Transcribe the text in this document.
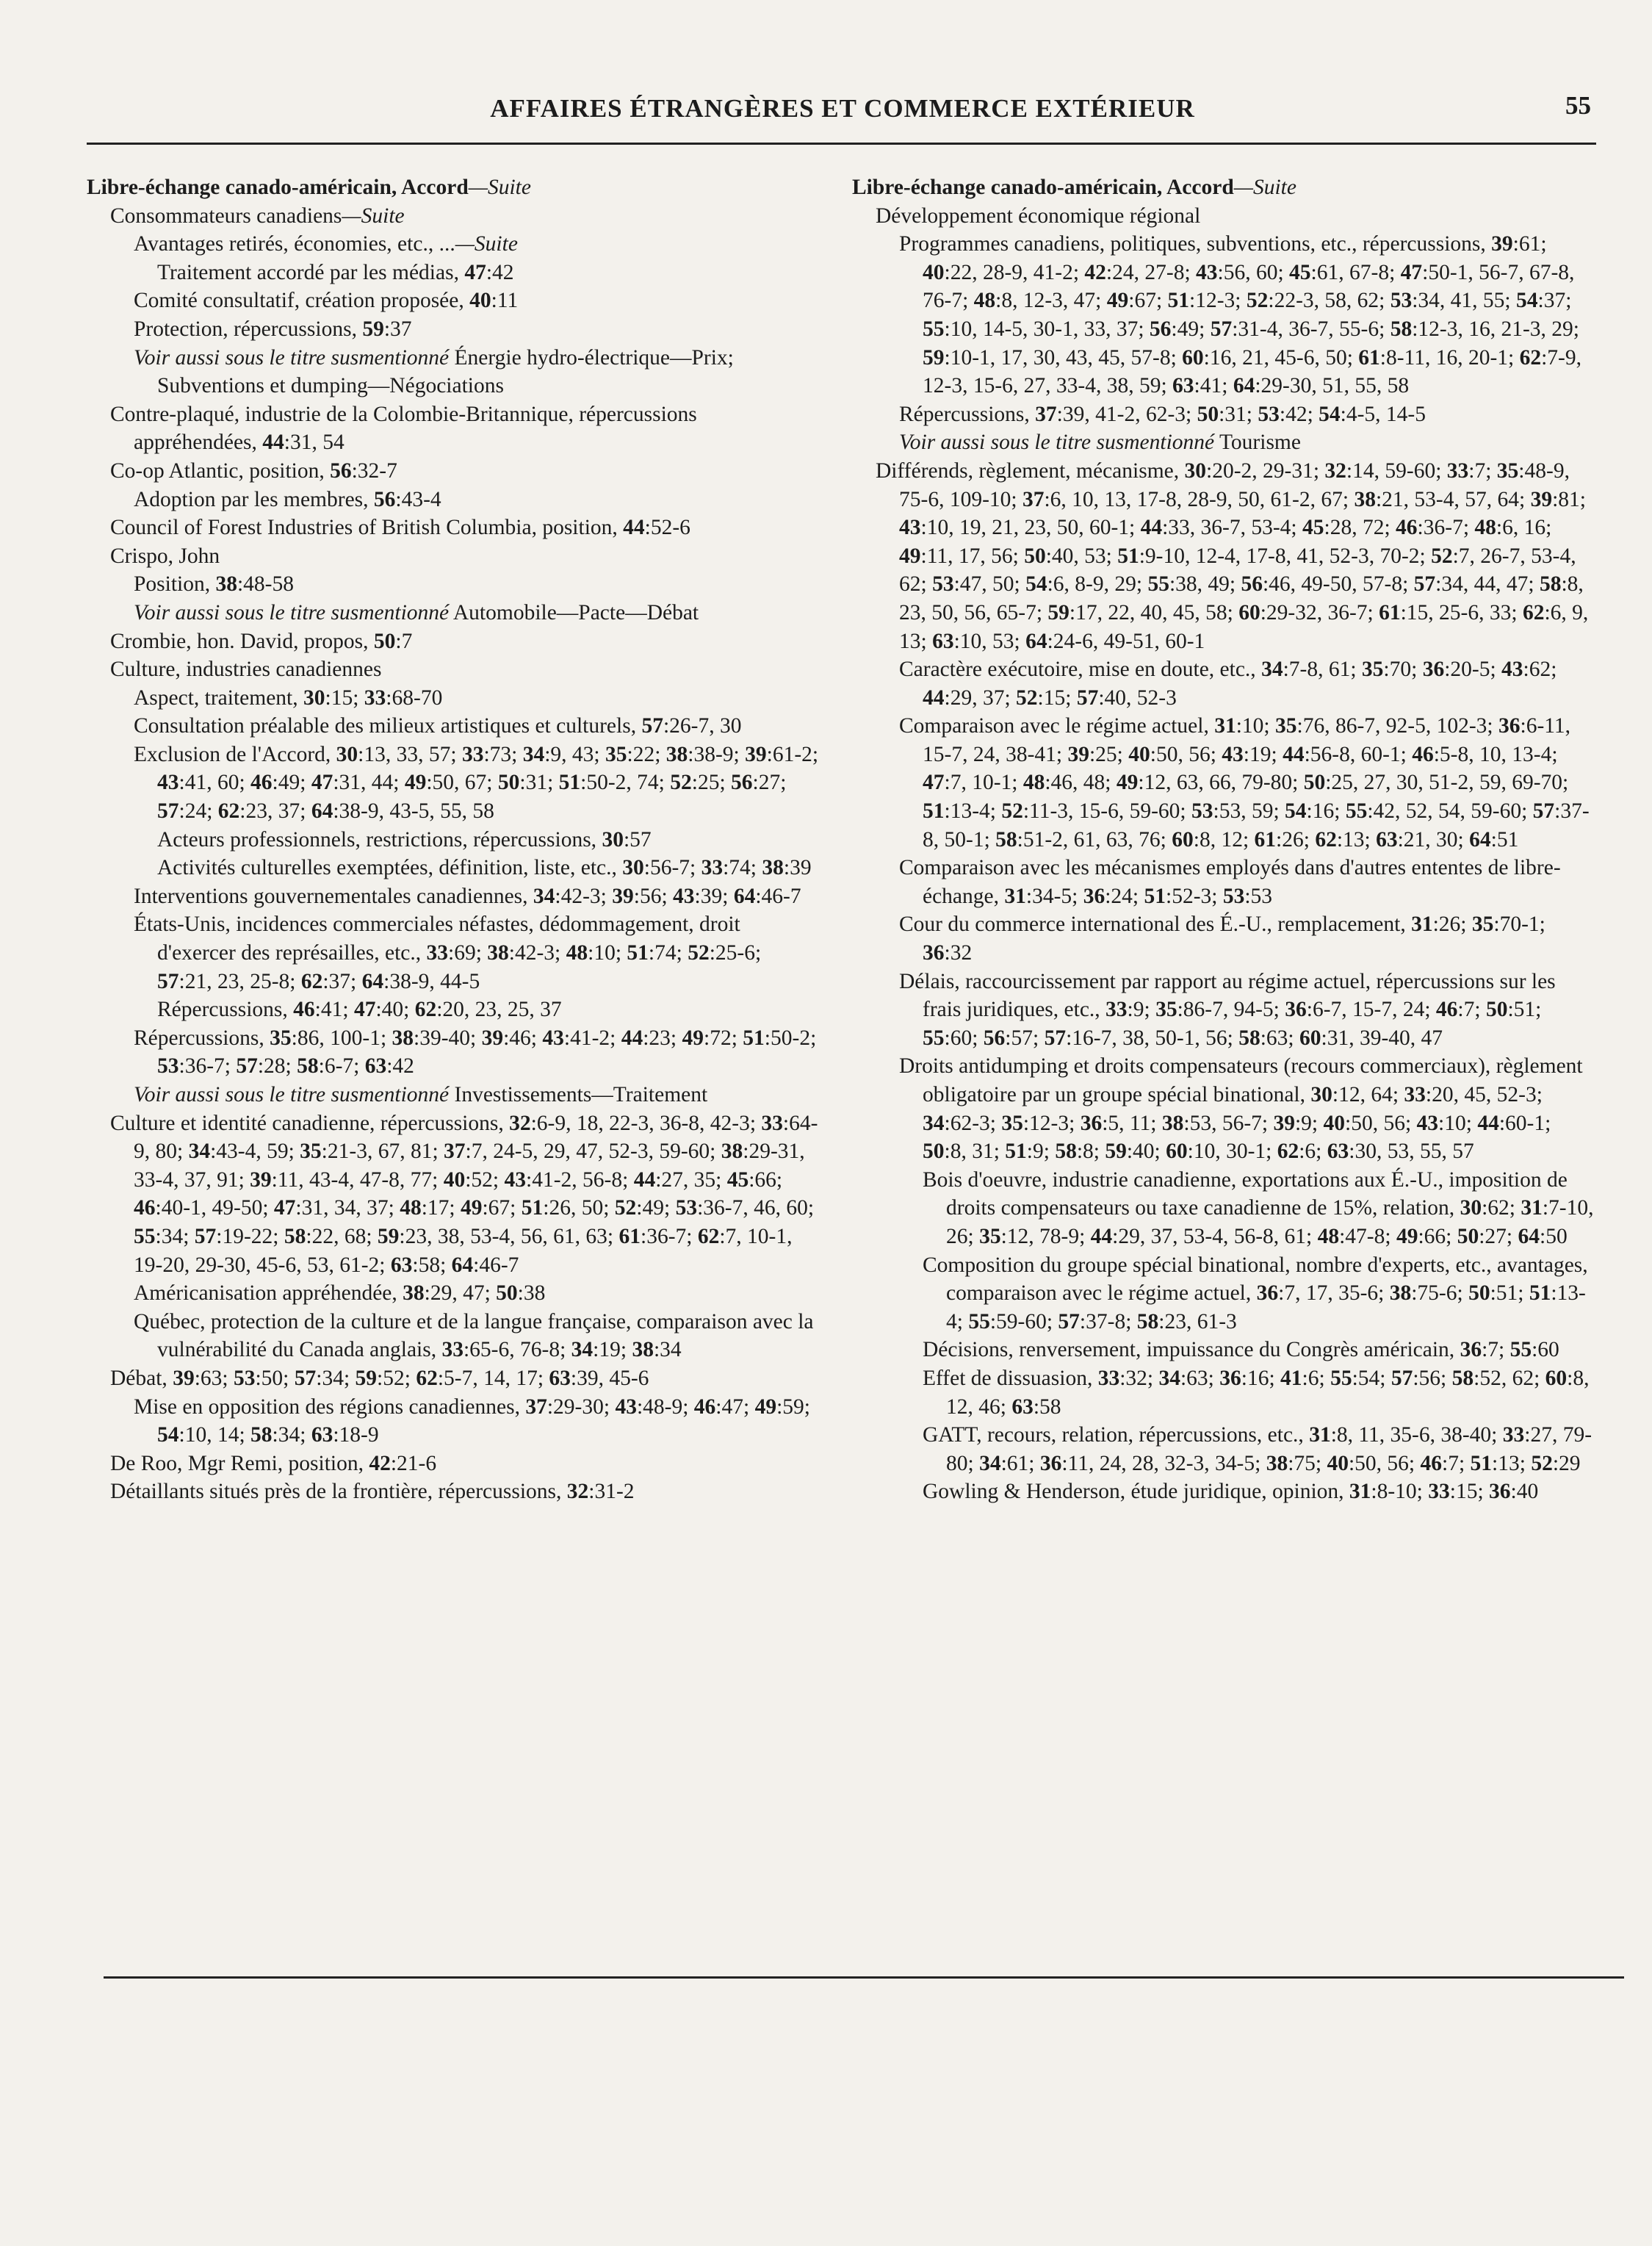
AFFAIRES ÉTRANGÈRES ET COMMERCE EXTÉRIEUR	55
Libre-échange canado-américain, Accord—Suite
Consommateurs canadiens—Suite
Avantages retirés, économies, etc., ...—Suite
Traitement accordé par les médias, 47:42
Comité consultatif, création proposée, 40:11
Protection, répercussions, 59:37
Voir aussi sous le titre susmentionné Énergie hydro-électrique—Prix; Subventions et dumping—Négociations
Contre-plaqué, industrie de la Colombie-Britannique, répercussions appréhendées, 44:31, 54
Co-op Atlantic, position, 56:32-7
Adoption par les membres, 56:43-4
Council of Forest Industries of British Columbia, position, 44:52-6
Crispo, John
Position, 38:48-58
Voir aussi sous le titre susmentionné Automobile—Pacte—Débat
Crombie, hon. David, propos, 50:7
Culture, industries canadiennes
Aspect, traitement, 30:15; 33:68-70
Consultation préalable des milieux artistiques et culturels, 57:26-7, 30
Exclusion de l'Accord, 30:13, 33, 57; 33:73; 34:9, 43; 35:22; 38:38-9; 39:61-2; 43:41, 60; 46:49; 47:31, 44; 49:50, 67; 50:31; 51:50-2, 74; 52:25; 56:27; 57:24; 62:23, 37; 64:38-9, 43-5, 55, 58
Acteurs professionnels, restrictions, répercussions, 30:57
Activités culturelles exemptées, définition, liste, etc., 30:56-7; 33:74; 38:39
Interventions gouvernementales canadiennes, 34:42-3; 39:56; 43:39; 64:46-7
États-Unis, incidences commerciales néfastes, dédommagement, droit d'exercer des représailles, etc., 33:69; 38:42-3; 48:10; 51:74; 52:25-6; 57:21, 23, 25-8; 62:37; 64:38-9, 44-5
Répercussions, 46:41; 47:40; 62:20, 23, 25, 37
Répercussions, 35:86, 100-1; 38:39-40; 39:46; 43:41-2; 44:23; 49:72; 51:50-2; 53:36-7; 57:28; 58:6-7; 63:42
Voir aussi sous le titre susmentionné Investissements—Traitement
Culture et identité canadienne, répercussions, 32:6-9, 18, 22-3, 36-8, 42-3; 33:64-9, 80; 34:43-4, 59; 35:21-3, 67, 81; 37:7, 24-5, 29, 47, 52-3, 59-60; 38:29-31, 33-4, 37, 91; 39:11, 43-4, 47-8, 77; 40:52; 43:41-2, 56-8; 44:27, 35; 45:66; 46:40-1, 49-50; 47:31, 34, 37; 48:17; 49:67; 51:26, 50; 52:49; 53:36-7, 46, 60; 55:34; 57:19-22; 58:22, 68; 59:23, 38, 53-4, 56, 61, 63; 61:36-7; 62:7, 10-1, 19-20, 29-30, 45-6, 53, 61-2; 63:58; 64:46-7
Américanisation appréhendée, 38:29, 47; 50:38
Québec, protection de la culture et de la langue française, comparaison avec la vulnérabilité du Canada anglais, 33:65-6, 76-8; 34:19; 38:34
Débat, 39:63; 53:50; 57:34; 59:52; 62:5-7, 14, 17; 63:39, 45-6
Mise en opposition des régions canadiennes, 37:29-30; 43:48-9; 46:47; 49:59; 54:10, 14; 58:34; 63:18-9
De Roo, Mgr Remi, position, 42:21-6
Détaillants situés près de la frontière, répercussions, 32:31-2
Libre-échange canado-américain, Accord—Suite
Développement économique régional
Programmes canadiens, politiques, subventions, etc., répercussions, 39:61; 40:22, 28-9, 41-2; 42:24, 27-8; 43:56, 60; 45:61, 67-8; 47:50-1, 56-7, 67-8, 76-7; 48:8, 12-3, 47; 49:67; 51:12-3; 52:22-3, 58, 62; 53:34, 41, 55; 54:37; 55:10, 14-5, 30-1, 33, 37; 56:49; 57:31-4, 36-7, 55-6; 58:12-3, 16, 21-3, 29; 59:10-1, 17, 30, 43, 45, 57-8; 60:16, 21, 45-6, 50; 61:8-11, 16, 20-1; 62:7-9, 12-3, 15-6, 27, 33-4, 38, 59; 63:41; 64:29-30, 51, 55, 58
Répercussions, 37:39, 41-2, 62-3; 50:31; 53:42; 54:4-5, 14-5
Voir aussi sous le titre susmentionné Tourisme
Différends, règlement, mécanisme, 30:20-2, 29-31; 32:14, 59-60; 33:7; 35:48-9, 75-6, 109-10; 37:6, 10, 13, 17-8, 28-9, 50, 61-2, 67; 38:21, 53-4, 57, 64; 39:81; 43:10, 19, 21, 23, 50, 60-1; 44:33, 36-7, 53-4; 45:28, 72; 46:36-7; 48:6, 16; 49:11, 17, 56; 50:40, 53; 51:9-10, 12-4, 17-8, 41, 52-3, 70-2; 52:7, 26-7, 53-4, 62; 53:47, 50; 54:6, 8-9, 29; 55:38, 49; 56:46, 49-50, 57-8; 57:34, 44, 47; 58:8, 23, 50, 56, 65-7; 59:17, 22, 40, 45, 58; 60:29-32, 36-7; 61:15, 25-6, 33; 62:6, 9, 13; 63:10, 53; 64:24-6, 49-51, 60-1
Caractère exécutoire, mise en doute, etc., 34:7-8, 61; 35:70; 36:20-5; 43:62; 44:29, 37; 52:15; 57:40, 52-3
Comparaison avec le régime actuel, 31:10; 35:76, 86-7, 92-5, 102-3; 36:6-11, 15-7, 24, 38-41; 39:25; 40:50, 56; 43:19; 44:56-8, 60-1; 46:5-8, 10, 13-4; 47:7, 10-1; 48:46, 48; 49:12, 63, 66, 79-80; 50:25, 27, 30, 51-2, 59, 69-70; 51:13-4; 52:11-3, 15-6, 59-60; 53:53, 59; 54:16; 55:42, 52, 54, 59-60; 57:37-8, 50-1; 58:51-2, 61, 63, 76; 60:8, 12; 61:26; 62:13; 63:21, 30; 64:51
Comparaison avec les mécanismes employés dans d'autres ententes de libre-échange, 31:34-5; 36:24; 51:52-3; 53:53
Cour du commerce international des É.-U., remplacement, 31:26; 35:70-1; 36:32
Délais, raccourcissement par rapport au régime actuel, répercussions sur les frais juridiques, etc., 33:9; 35:86-7, 94-5; 36:6-7, 15-7, 24; 46:7; 50:51; 55:60; 56:57; 57:16-7, 38, 50-1, 56; 58:63; 60:31, 39-40, 47
Droits antidumping et droits compensateurs (recours commerciaux), règlement obligatoire par un groupe spécial binational, 30:12, 64; 33:20, 45, 52-3; 34:62-3; 35:12-3; 36:5, 11; 38:53, 56-7; 39:9; 40:50, 56; 43:10; 44:60-1; 50:8, 31; 51:9; 58:8; 59:40; 60:10, 30-1; 62:6; 63:30, 53, 55, 57
Bois d'oeuvre, industrie canadienne, exportations aux É.-U., imposition de droits compensateurs ou taxe canadienne de 15%, relation, 30:62; 31:7-10, 26; 35:12, 78-9; 44:29, 37, 53-4, 56-8, 61; 48:47-8; 49:66; 50:27; 64:50
Composition du groupe spécial binational, nombre d'experts, etc., avantages, comparaison avec le régime actuel, 36:7, 17, 35-6; 38:75-6; 50:51; 51:13-4; 55:59-60; 57:37-8; 58:23, 61-3
Décisions, renversement, impuissance du Congrès américain, 36:7; 55:60
Effet de dissuasion, 33:32; 34:63; 36:16; 41:6; 55:54; 57:56; 58:52, 62; 60:8, 12, 46; 63:58
GATT, recours, relation, répercussions, etc., 31:8, 11, 35-6, 38-40; 33:27, 79-80; 34:61; 36:11, 24, 28, 32-3, 34-5; 38:75; 40:50, 56; 46:7; 51:13; 52:29
Gowling & Henderson, étude juridique, opinion, 31:8-10; 33:15; 36:40
